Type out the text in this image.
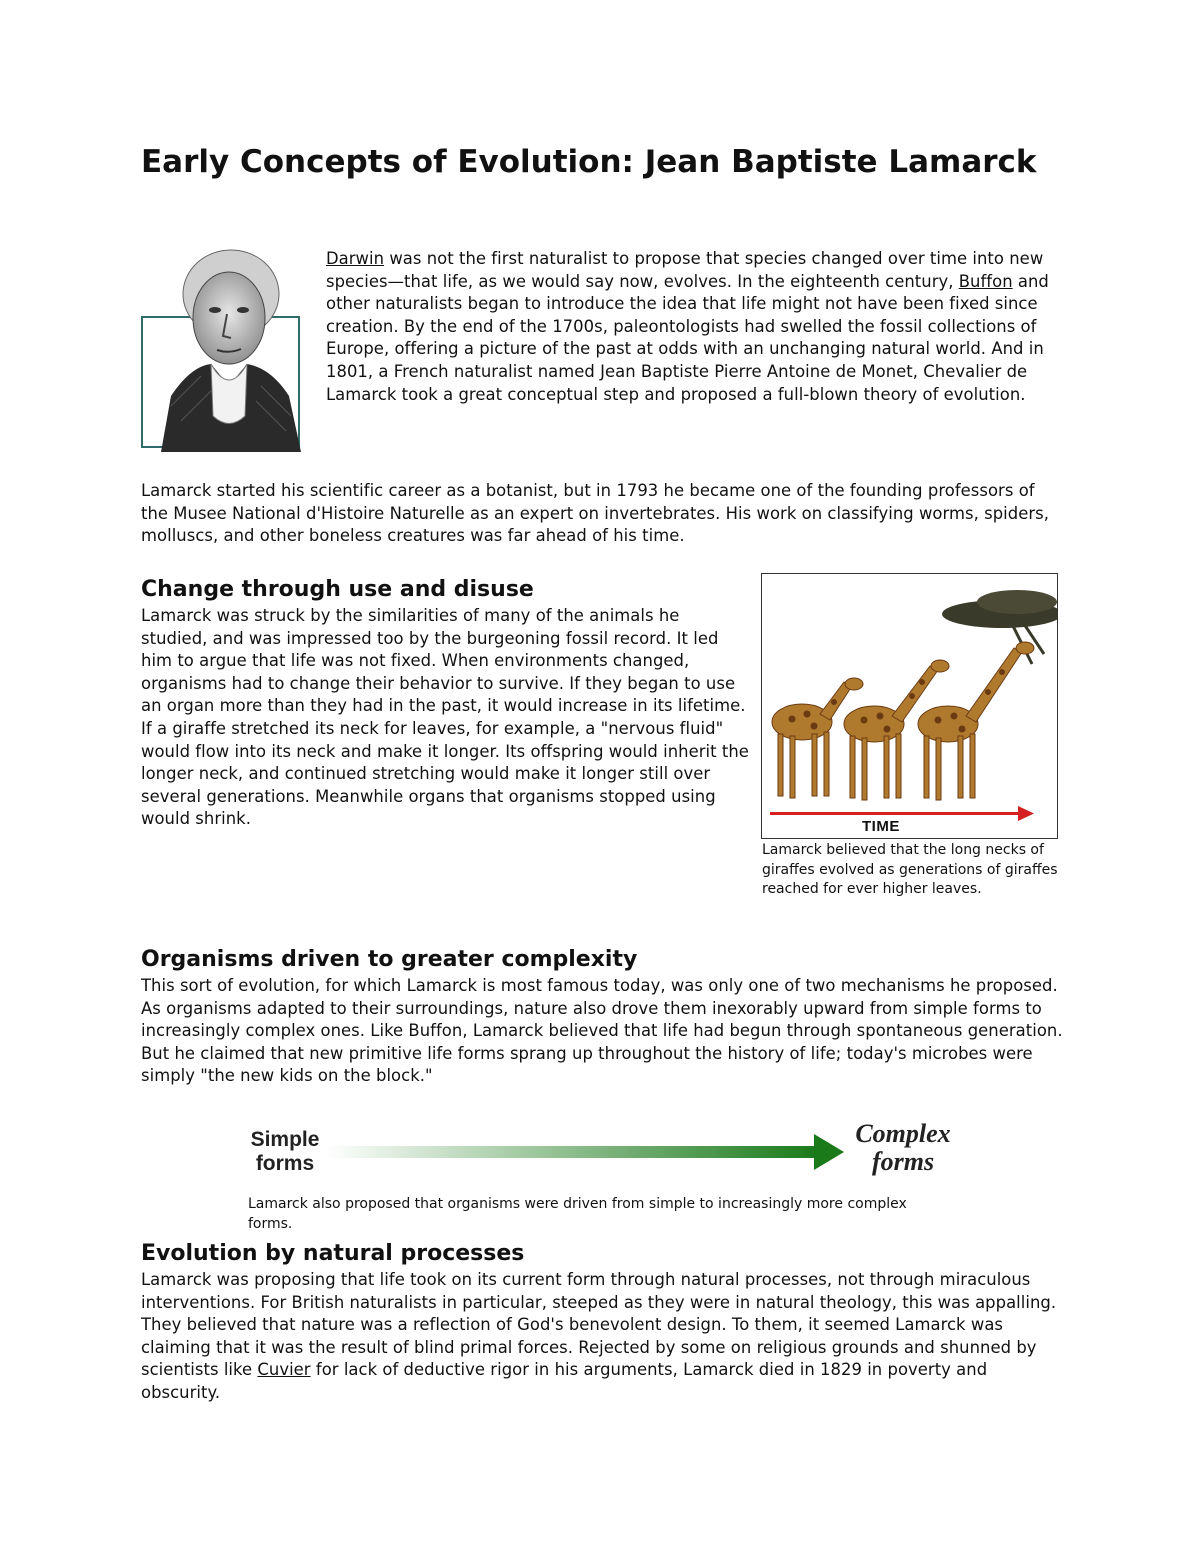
Early Concepts of Evolution: Jean Baptiste Lamarck

Darwin was not the first naturalist to propose that species changed over time into new species—that life, as we would say now, evolves. In the eighteenth century, Buffon and other naturalists began to introduce the idea that life might not have been fixed since creation. By the end of the 1700s, paleontologists had swelled the fossil collections of Europe, offering a picture of the past at odds with an unchanging natural world. And in 1801, a French naturalist named Jean Baptiste Pierre Antoine de Monet, Chevalier de Lamarck took a great conceptual step and proposed a full-blown theory of evolution.

Lamarck started his scientific career as a botanist, but in 1793 he became one of the founding professors of the Musee National d'Histoire Naturelle as an expert on invertebrates. His work on classifying worms, spiders, molluscs, and other boneless creatures was far ahead of his time.

Change through use and disuse

Lamarck was struck by the similarities of many of the animals he studied, and was impressed too by the burgeoning fossil record. It led him to argue that life was not fixed. When environments changed, organisms had to change their behavior to survive. If they began to use an organ more than they had in the past, it would increase in its lifetime. If a giraffe stretched its neck for leaves, for example, a "nervous fluid" would flow into its neck and make it longer. Its offspring would inherit the longer neck, and continued stretching would make it longer still over several generations. Meanwhile organs that organisms stopped using would shrink.	TIME

Lamarck believed that the long necks of giraffes evolved as generations of giraffes reached for ever higher leaves.

Organisms driven to greater complexity

This sort of evolution, for which Lamarck is most famous today, was only one of two mechanisms he proposed. As organisms adapted to their surroundings, nature also drove them inexorably upward from simple forms to increasingly complex ones. Like Buffon, Lamarck believed that life had begun through spontaneous generation. But he claimed that new primitive life forms sprang up throughout the history of life; today's microbes were simply "the new kids on the block."

Simple
forms
Complex
forms

Lamarck also proposed that organisms were driven from simple to increasingly more complex forms.

Evolution by natural processes

Lamarck was proposing that life took on its current form through natural processes, not through miraculous interventions. For British naturalists in particular, steeped as they were in natural theology, this was appalling. They believed that nature was a reflection of God's benevolent design. To them, it seemed Lamarck was claiming that it was the result of blind primal forces. Rejected by some on religious grounds and shunned by scientists like Cuvier for lack of deductive rigor in his arguments, Lamarck died in 1829 in poverty and obscurity.
